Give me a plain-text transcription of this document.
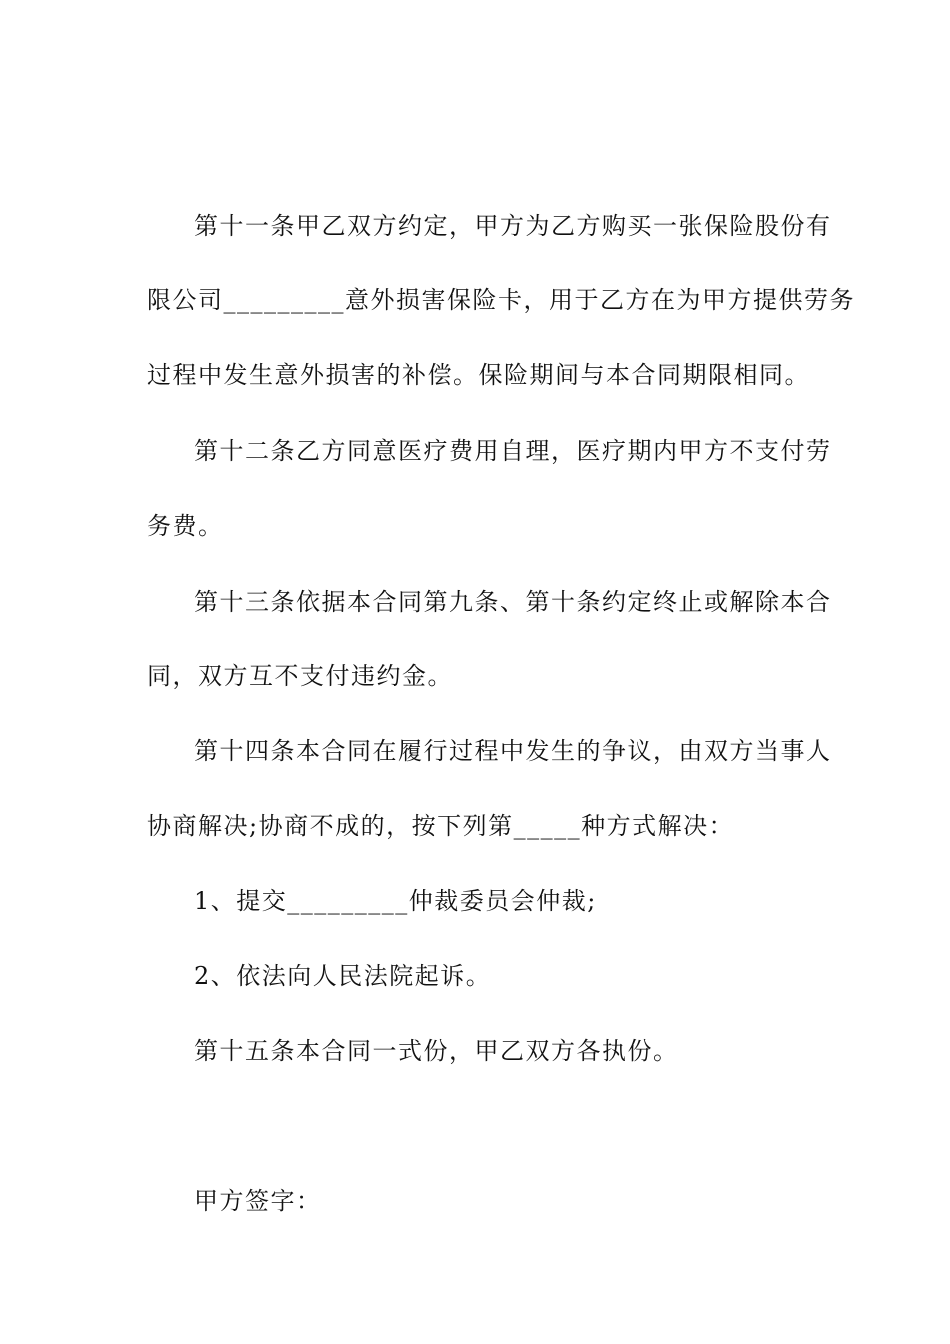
第十一条甲乙双方约定，甲方为乙方购买一张保险股份有
限公司_________意外损害保险卡，用于乙方在为甲方提供劳务
过程中发生意外损害的补偿。保险期间与本合同期限相同。
第十二条乙方同意医疗费用自理，医疗期内甲方不支付劳
务费。
第十三条依据本合同第九条、第十条约定终止或解除本合
同，双方互不支付违约金。
第十四条本合同在履行过程中发生的争议，由双方当事人
协商解决;协商不成的，按下列第_____种方式解决：
1、提交_________仲裁委员会仲裁;
2、依法向人民法院起诉。
第十五条本合同一式份，甲乙双方各执份。
甲方签字：
